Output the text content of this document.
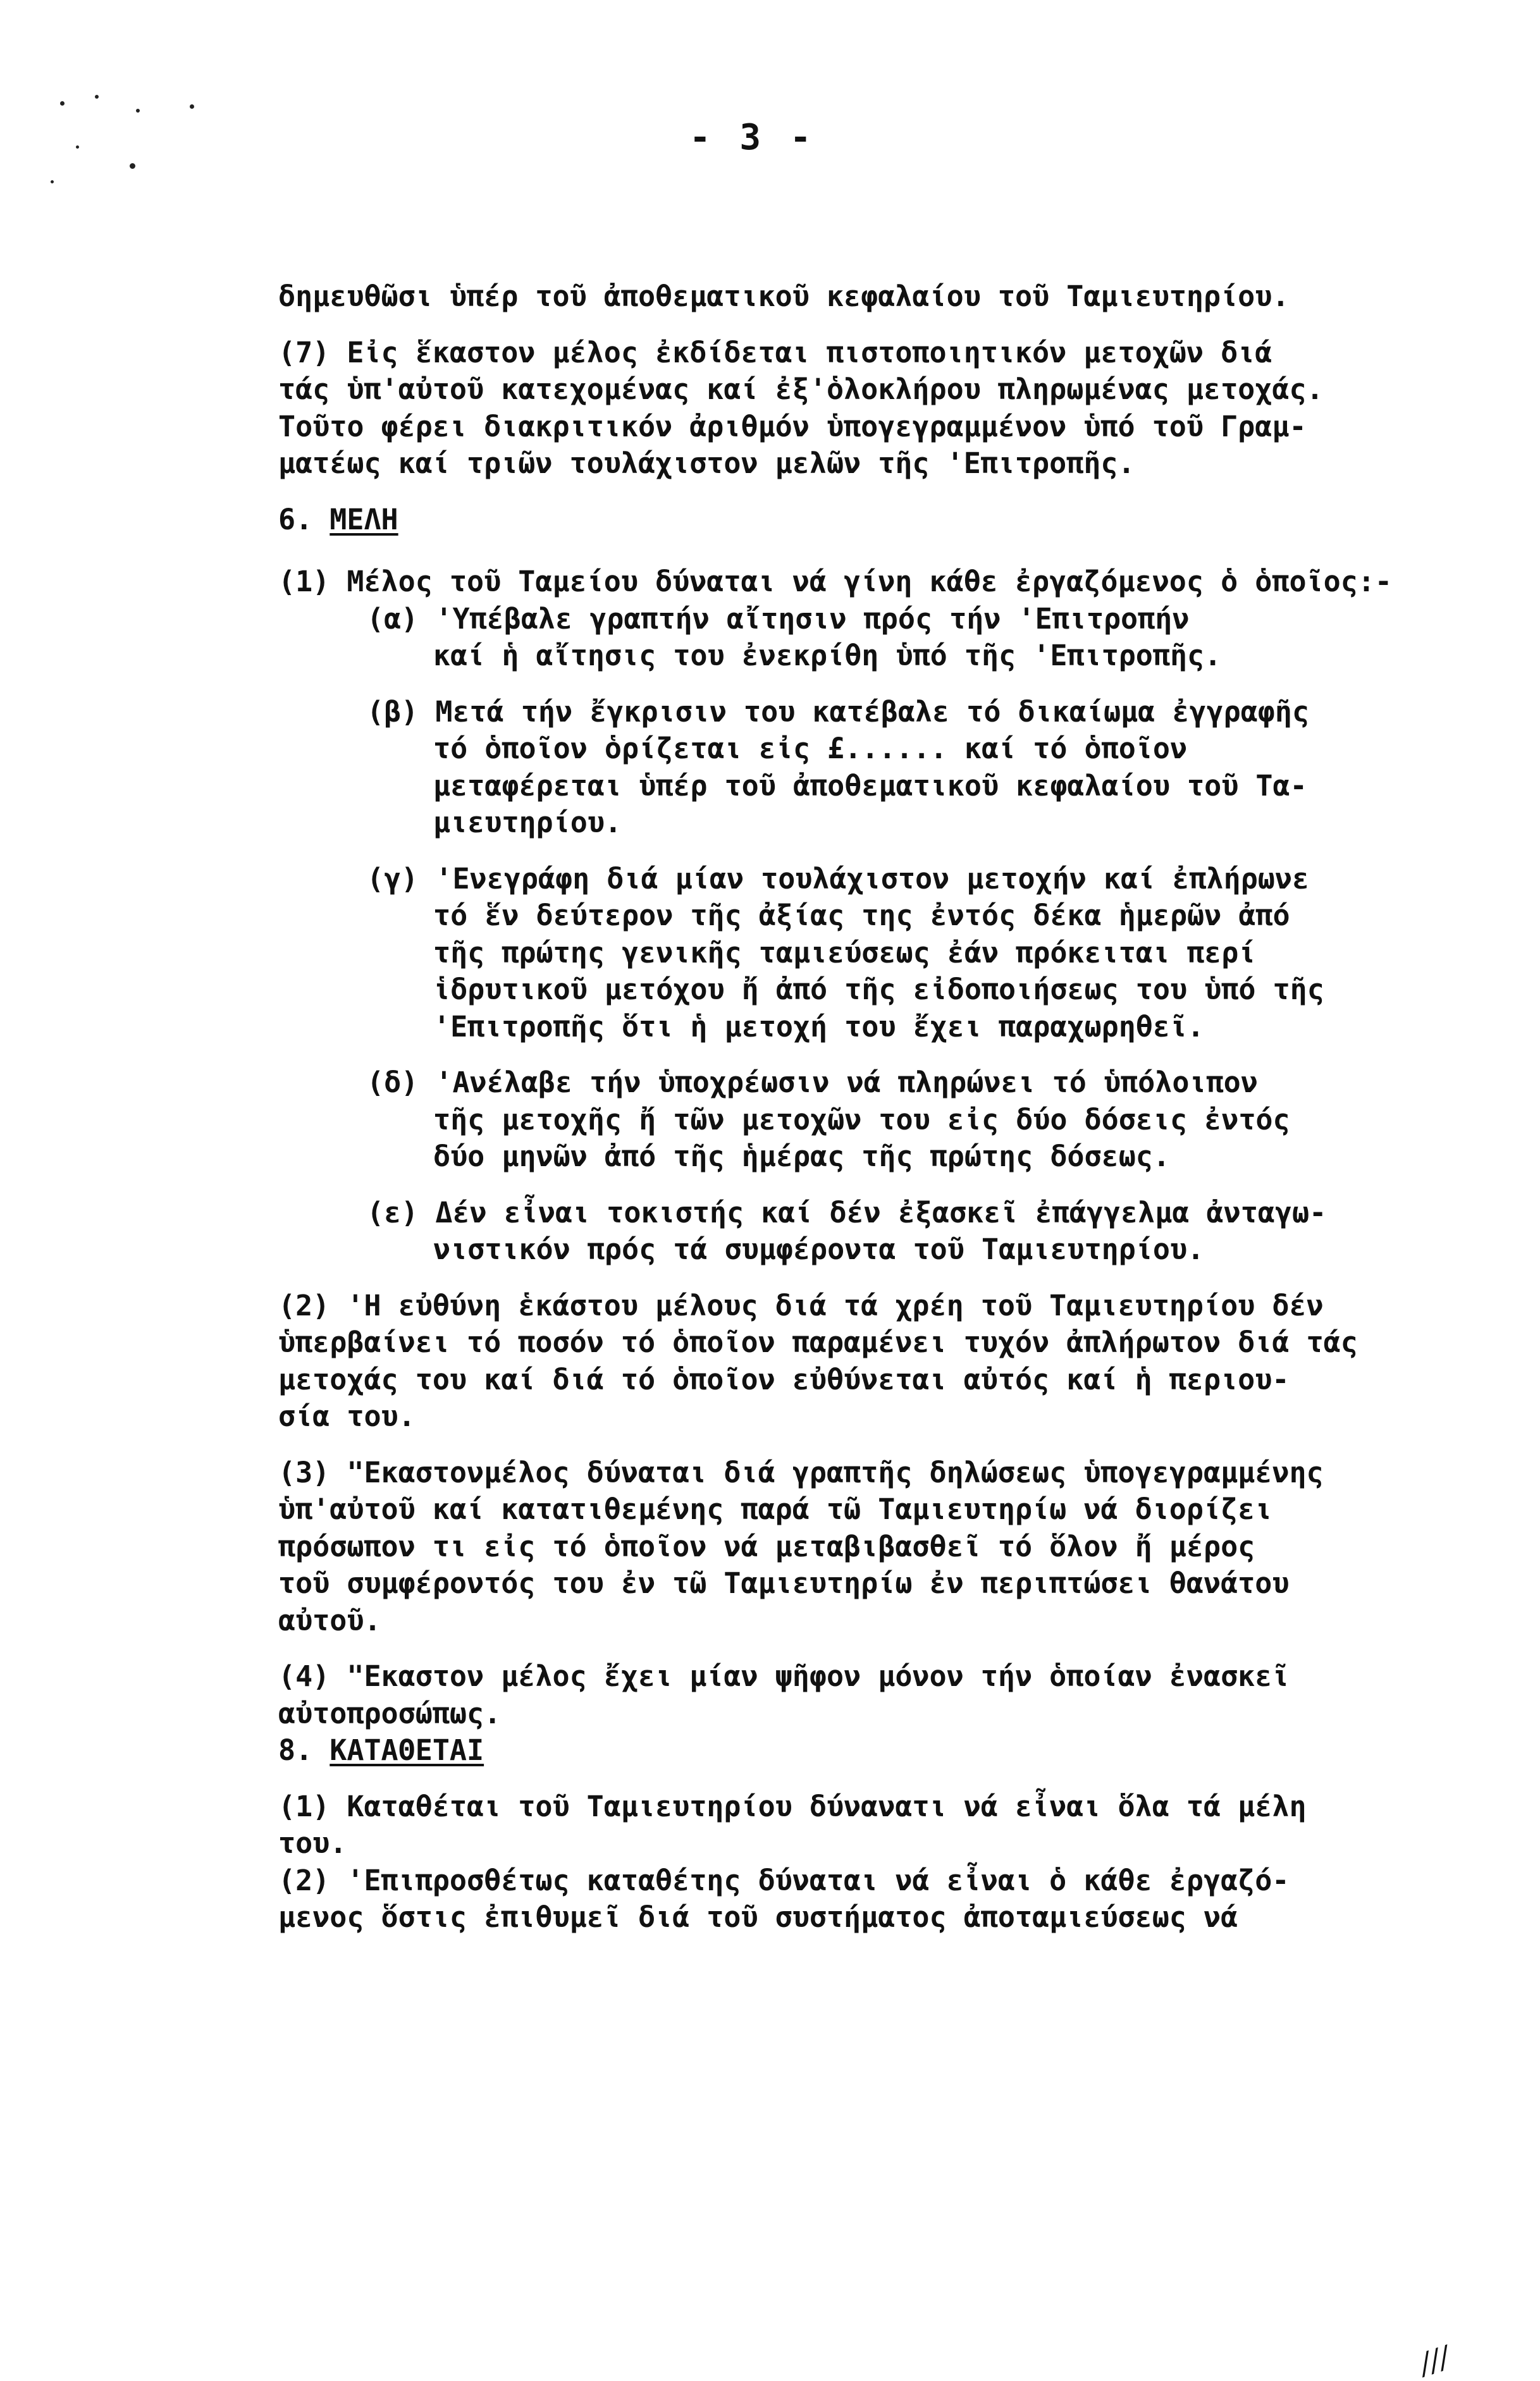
- 3 -

δημευθῶσι ὑπέρ τοῦ ἀποθεματικοῦ κεφαλαίου τοῦ Ταμιευτηρίου.

(7) Εἰς ἕκαστον μέλος ἐκδίδεται πιστοποιητικόν μετοχῶν διά

τάς ὑπ'αὐτοῦ κατεχομένας καί ἐξ'ὁλοκλήρου πληρωμένας μετοχάς.

Τοῦτο φέρει διακριτικόν ἀριθμόν ὑπογεγραμμένον ὑπό τοῦ Γραμ-

ματέως καί τριῶν τουλάχιστον μελῶν τῆς 'Επιτροπῆς.

6. ΜΕΛΗ

(1) Μέλος τοῦ Ταμείου δύναται νά γίνη κάθε ἐργαζόμενος ὁ ὁποῖος:-

(α) 'Υπέβαλε γραπτήν αἴτησιν πρός τήν 'Επιτροπήν

καί ἡ αἴτησις του ἐνεκρίθη ὑπό τῆς 'Επιτροπῆς.

(β) Μετά τήν ἔγκρισιν του κατέβαλε τό δικαίωμα ἐγγραφῆς

τό ὁποῖον ὁρίζεται εἰς £...... καί τό ὁποῖον

μεταφέρεται ὑπέρ τοῦ ἀποθεματικοῦ κεφαλαίου τοῦ Τα-

μιευτηρίου.

(γ) 'Ενεγράφη διά μίαν τουλάχιστον μετοχήν καί ἐπλήρωνε

τό ἕν δεύτερον τῆς ἀξίας της ἐντός δέκα ἡμερῶν ἀπό

τῆς πρώτης γενικῆς ταμιεύσεως ἐάν πρόκειται περί

ἱδρυτικοῦ μετόχου ἤ ἀπό τῆς εἰδοποιήσεως του ὑπό τῆς

'Επιτροπῆς ὅτι ἡ μετοχή του ἔχει παραχωρηθεῖ.

(δ) 'Ανέλαβε τήν ὑποχρέωσιν νά πληρώνει τό ὑπόλοιπον

τῆς μετοχῆς ἤ τῶν μετοχῶν του εἰς δύο δόσεις ἐντός

δύο μηνῶν ἀπό τῆς ἡμέρας τῆς πρώτης δόσεως.

(ε) Δέν εἶναι τοκιστής καί δέν ἐξασκεῖ ἐπάγγελμα ἀνταγω-

νιστικόν πρός τά συμφέροντα τοῦ Ταμιευτηρίου.

(2) 'Η εὐθύνη ἑκάστου μέλους διά τά χρέη τοῦ Ταμιευτηρίου δέν

ὑπερβαίνει τό ποσόν τό ὁποῖον παραμένει τυχόν ἀπλήρωτον διά τάς

μετοχάς του καί διά τό ὁποῖον εὐθύνεται αὐτός καί ἡ περιου-

σία του.

(3) "Εκαστονμέλος δύναται διά γραπτῆς δηλώσεως ὑπογεγραμμένης

ὑπ'αὐτοῦ καί κατατιθεμένης παρά τῶ Ταμιευτηρίω νά διορίζει

πρόσωπον τι εἰς τό ὁποῖον νά μεταβιβασθεῖ τό ὅλον ἤ μέρος

τοῦ συμφέροντός του ἐν τῶ Ταμιευτηρίω ἐν περιπτώσει θανάτου

αὐτοῦ.

(4) "Εκαστον μέλος ἔχει μίαν ψῆφον μόνον τήν ὁποίαν ἐνασκεῖ

αὐτοπροσώπως.

8. ΚΑΤΑΘΕΤΑΙ

(1) Καταθέται τοῦ Ταμιευτηρίου δύνανατι νά εἶναι ὅλα τά μέλη

του.

(2) 'Επιπροσθέτως καταθέτης δύναται νά εἶναι ὁ κάθε ἐργαζό-

μενος ὅστις ἐπιθυμεῖ διά τοῦ συστήματος ἀποταμιεύσεως νά

///
